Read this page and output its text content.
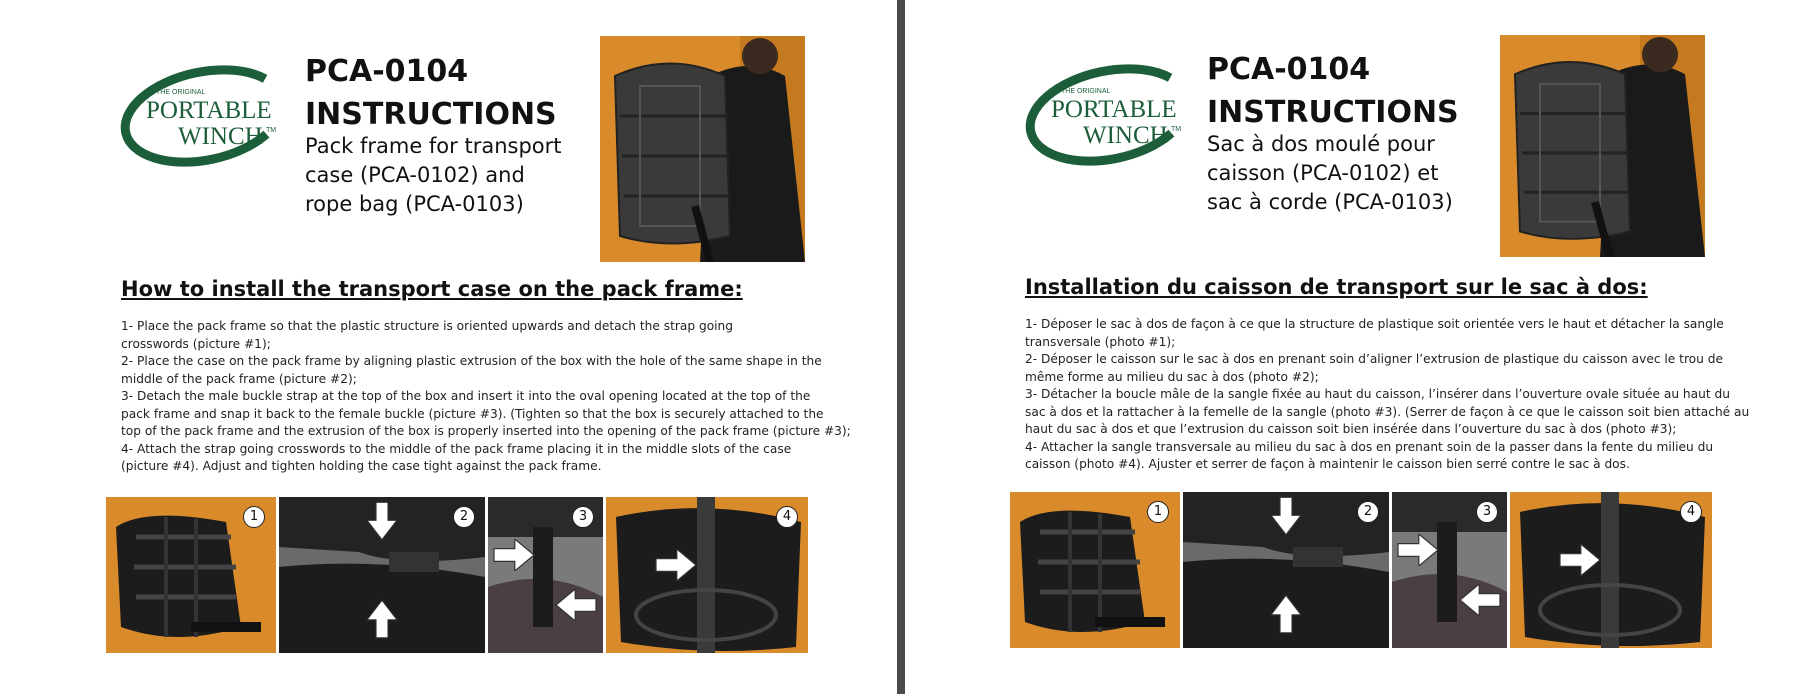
THE ORIGINAL
PORTABLE
WINCH TM
PCA-0104
INSTRUCTIONS
Pack frame for transport
case (PCA-0102) and
rope bag (PCA-0103)
How to install the transport case on the pack frame:

1- Place the pack frame so that the plastic structure is oriented upwards and detach the strap going
crosswords (picture #1);

2- Place the case on the pack frame by aligning plastic extrusion of the box with the hole of the same shape in the
middle of the pack frame (picture #2);

3- Detach the male buckle strap at the top of the box and insert it into the oval opening located at the top of the
pack frame and snap it back to the female buckle (picture #3). (Tighten so that the box is securely attached to the
top of the pack frame and the extrusion of the box is properly inserted into the opening of the pack frame (picture #3);

4- Attach the strap going crosswords to the middle of the pack frame placing it in the middle slots of the case
(picture #4). Adjust and tighten holding the case tight against the pack frame.

1	2	3	4
THE ORIGINAL
PORTABLE
WINCH TM
PCA-0104
INSTRUCTIONS
Sac à dos moulé pour
caisson (PCA-0102) et
sac à corde (PCA-0103)
Installation du caisson de transport sur le sac à dos:

1- Déposer le sac à dos de façon à ce que la structure de plastique soit orientée vers le haut et détacher la sangle
transversale (photo #1);

2- Déposer le caisson sur le sac à dos en prenant soin d’aligner l’extrusion de plastique du caisson avec le trou de
même forme au milieu du sac à dos (photo #2);

3- Détacher la boucle mâle de la sangle fixée au haut du caisson, l’insérer dans l’ouverture ovale située au haut du
sac à dos et la rattacher à la femelle de la sangle (photo #3). (Serrer de façon à ce que le caisson soit bien attaché au
haut du sac à dos et que l’extrusion du caisson soit bien insérée dans l’ouverture du sac à dos (photo #3);

4- Attacher la sangle transversale au milieu du sac à dos en prenant soin de la passer dans la fente du milieu du
caisson (photo #4). Ajuster et serrer de façon à maintenir le caisson bien serré contre le sac à dos.

1	2	3	4
